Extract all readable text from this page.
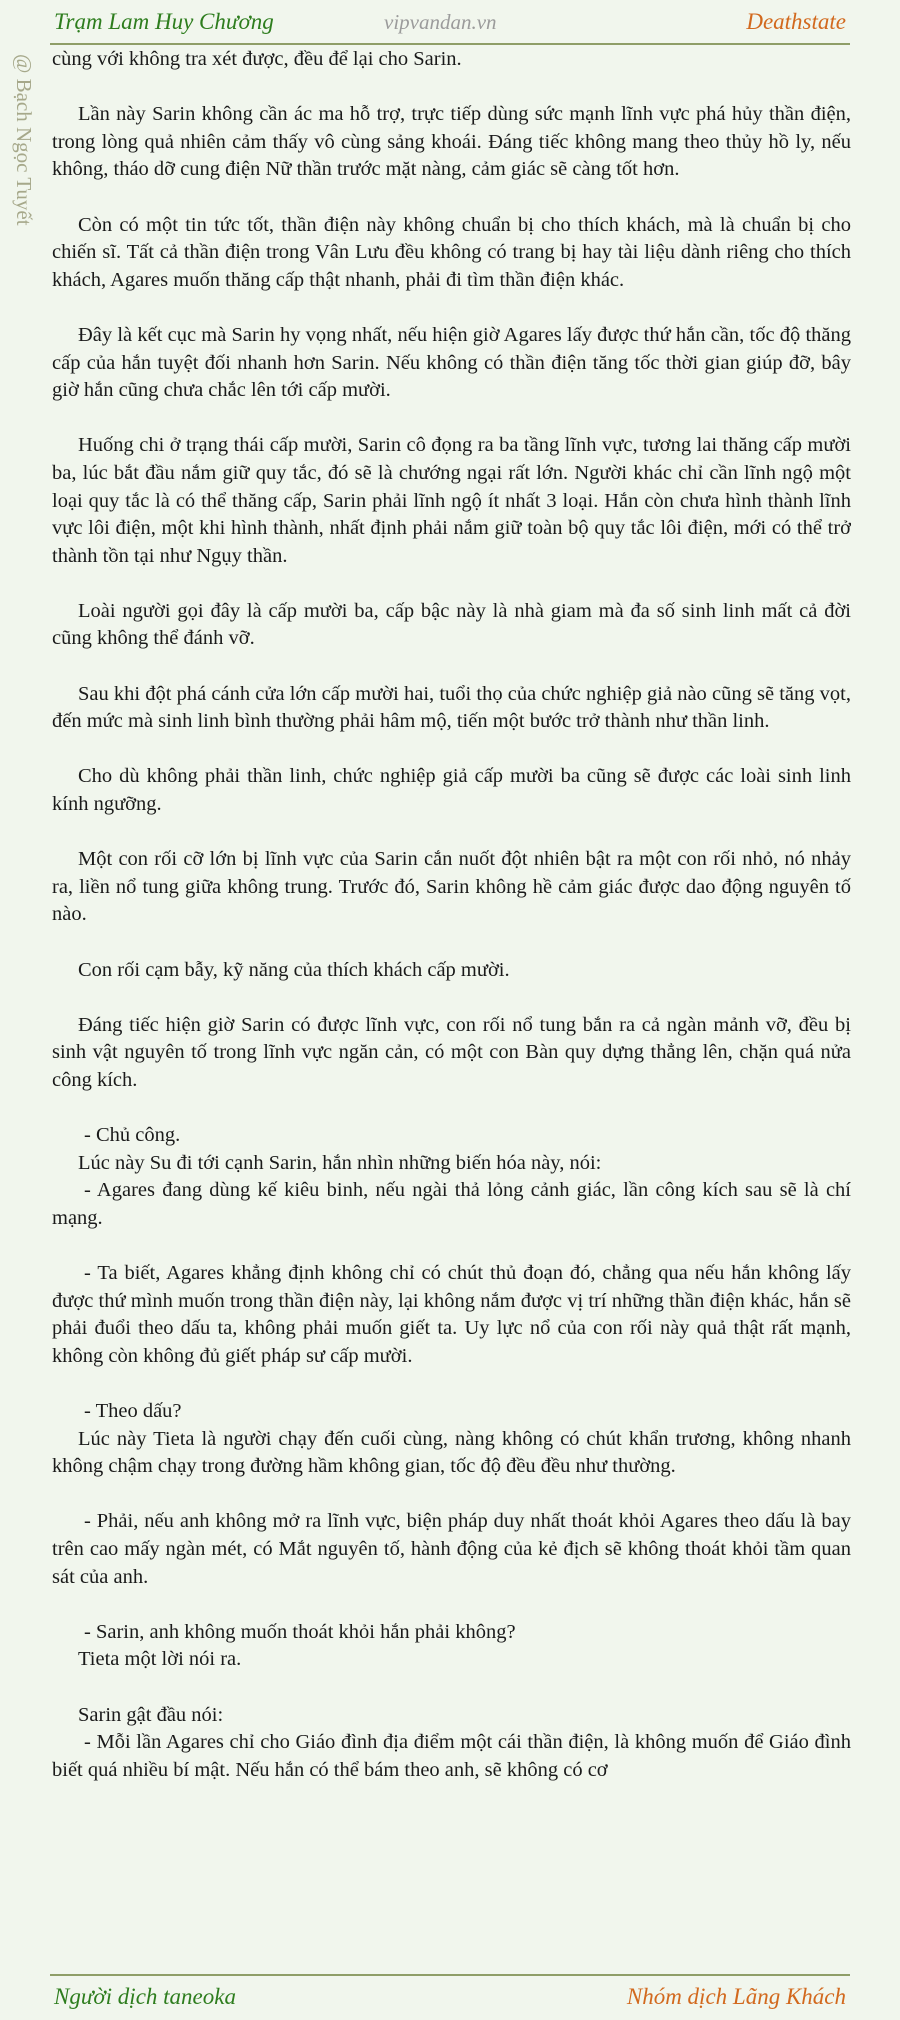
Trạm Lam Huy Chương	vipvandan.vn	Deathstate
@ Bạch Ngọc Tuyết cùng với không tra xét được, đều để lại cho Sarin.

Lần này Sarin không cần ác ma hỗ trợ, trực tiếp dùng sức mạnh lĩnh vực phá hủy thần điện, trong lòng quả nhiên cảm thấy vô cùng sảng khoái. Đáng tiếc không mang theo thủy hồ ly, nếu không, tháo dỡ cung điện Nữ thần trước mặt nàng, cảm giác sẽ càng tốt hơn.

Còn có một tin tức tốt, thần điện này không chuẩn bị cho thích khách, mà là chuẩn bị cho chiến sĩ. Tất cả thần điện trong Vân Lưu đều không có trang bị hay tài liệu dành riêng cho thích khách, Agares muốn thăng cấp thật nhanh, phải đi tìm thần điện khác.

Đây là kết cục mà Sarin hy vọng nhất, nếu hiện giờ Agares lấy được thứ hắn cần, tốc độ thăng cấp của hắn tuyệt đối nhanh hơn Sarin. Nếu không có thần điện tăng tốc thời gian giúp đỡ, bây giờ hắn cũng chưa chắc lên tới cấp mười.

Huống chi ở trạng thái cấp mười, Sarin cô đọng ra ba tầng lĩnh vực, tương lai thăng cấp mười ba, lúc bắt đầu nắm giữ quy tắc, đó sẽ là chướng ngại rất lớn. Người khác chỉ cần lĩnh ngộ một loại quy tắc là có thể thăng cấp, Sarin phải lĩnh ngộ ít nhất 3 loại. Hắn còn chưa hình thành lĩnh vực lôi điện, một khi hình thành, nhất định phải nắm giữ toàn bộ quy tắc lôi điện, mới có thể trở thành tồn tại như Ngụy thần.

Loài người gọi đây là cấp mười ba, cấp bậc này là nhà giam mà đa số sinh linh mất cả đời cũng không thể đánh vỡ.

Sau khi đột phá cánh cửa lớn cấp mười hai, tuổi thọ của chức nghiệp giả nào cũng sẽ tăng vọt, đến mức mà sinh linh bình thường phải hâm mộ, tiến một bước trở thành như thần linh.

Cho dù không phải thần linh, chức nghiệp giả cấp mười ba cũng sẽ được các loài sinh linh kính ngưỡng.

Một con rối cỡ lớn bị lĩnh vực của Sarin cắn nuốt đột nhiên bật ra một con rối nhỏ, nó nhảy ra, liền nổ tung giữa không trung. Trước đó, Sarin không hề cảm giác được dao động nguyên tố nào.

Con rối cạm bẫy, kỹ năng của thích khách cấp mười.

Đáng tiếc hiện giờ Sarin có được lĩnh vực, con rối nổ tung bắn ra cả ngàn mảnh vỡ, đều bị sinh vật nguyên tố trong lĩnh vực ngăn cản, có một con Bàn quy dựng thẳng lên, chặn quá nửa công kích.

- Chủ công.

Lúc này Su đi tới cạnh Sarin, hắn nhìn những biến hóa này, nói:

- Agares đang dùng kế kiêu binh, nếu ngài thả lỏng cảnh giác, lần công kích sau sẽ là chí mạng.

- Ta biết, Agares khẳng định không chỉ có chút thủ đoạn đó, chẳng qua nếu hắn không lấy được thứ mình muốn trong thần điện này, lại không nắm được vị trí những thần điện khác, hắn sẽ phải đuổi theo dấu ta, không phải muốn giết ta. Uy lực nổ của con rối này quả thật rất mạnh, không còn không đủ giết pháp sư cấp mười.

- Theo dấu?

Lúc này Tieta là người chạy đến cuối cùng, nàng không có chút khẩn trương, không nhanh không chậm chạy trong đường hầm không gian, tốc độ đều đều như thường.

- Phải, nếu anh không mở ra lĩnh vực, biện pháp duy nhất thoát khỏi Agares theo dấu là bay trên cao mấy ngàn mét, có Mắt nguyên tố, hành động của kẻ địch sẽ không thoát khỏi tầm quan sát của anh.

- Sarin, anh không muốn thoát khỏi hắn phải không?

Tieta một lời nói ra.

Sarin gật đầu nói:

- Mỗi lần Agares chỉ cho Giáo đình địa điểm một cái thần điện, là không muốn để Giáo đình biết quá nhiều bí mật. Nếu hắn có thể bám theo anh, sẽ không có cơ

Người dịch taneoka	Nhóm dịch Lãng Khách
